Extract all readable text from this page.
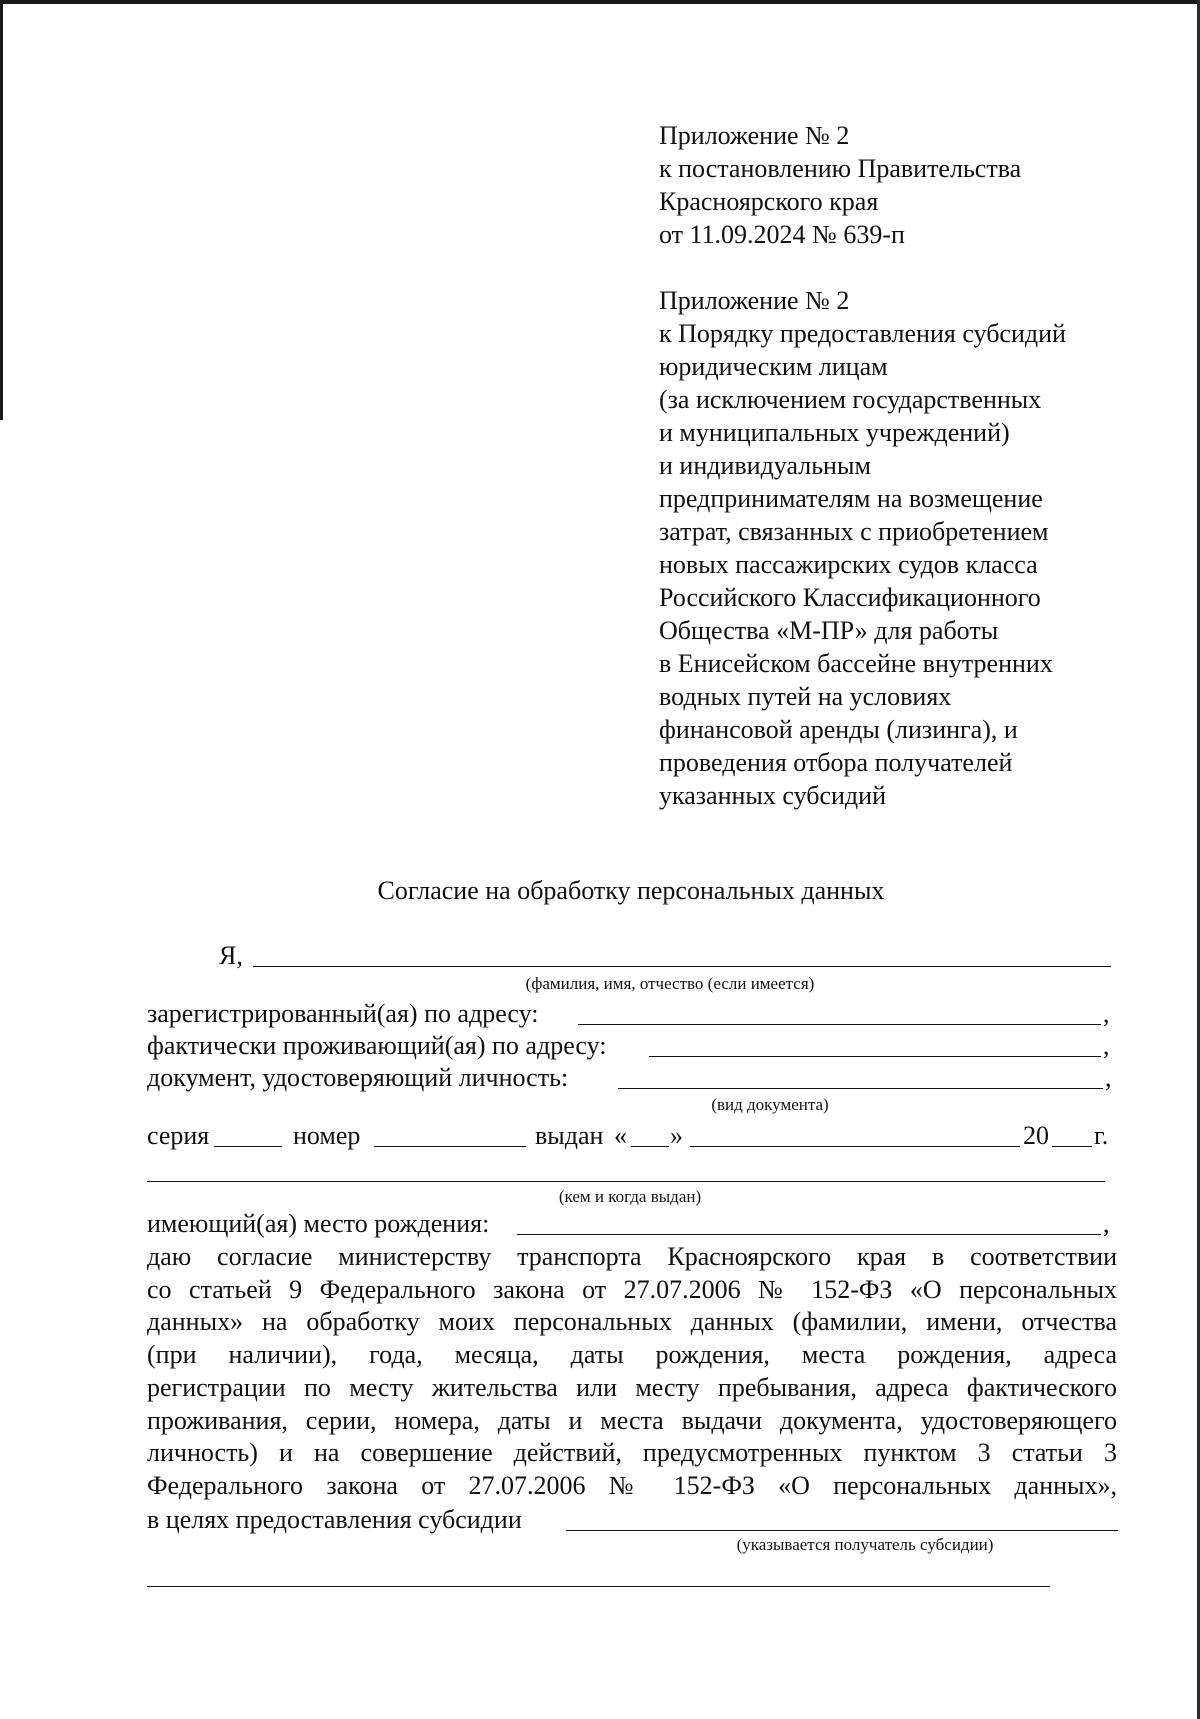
Приложение № 2
к постановлению Правительства
Красноярского края
от 11.09.2024 № 639-п
Приложение № 2
к Порядку предоставления субсидий
юридическим лицам
(за исключением государственных
и муниципальных учреждений)
и индивидуальным
предпринимателям на возмещение
затрат, связанных с приобретением
новых пассажирских судов класса
Российского Классификационного
Общества «М-ПР» для работы
в Енисейском бассейне внутренних
водных путей на условиях
финансовой аренды (лизинга), и
проведения отбора получателей
указанных субсидий
Согласие на обработку персональных данных
Я,
(фамилия, имя, отчество (если имеется)
зарегистрированный(ая) по адресу:	,
фактически проживающий(ая) по адресу:	,
документ, удостоверяющий личность:	,
(вид документа)
серия	номер	выдан « »	20 г.
(кем и когда выдан)
имеющий(ая) место рождения:	,
даю согласие министерству транспорта Красноярского края в соответствии
со статьей 9 Федерального закона от 27.07.2006 № 152-ФЗ «О персональных
данных» на обработку моих персональных данных (фамилии, имени, отчества
(при наличии), года, месяца, даты рождения, места рождения, адреса
регистрации по месту жительства или месту пребывания, адреса фактического
проживания, серии, номера, даты и места выдачи документа, удостоверяющего
личность) и на совершение действий, предусмотренных пунктом 3 статьи 3
Федерального закона от 27.07.2006 № 152-ФЗ «О персональных данных»,
в целях предоставления субсидии
(указывается получатель субсидии)
